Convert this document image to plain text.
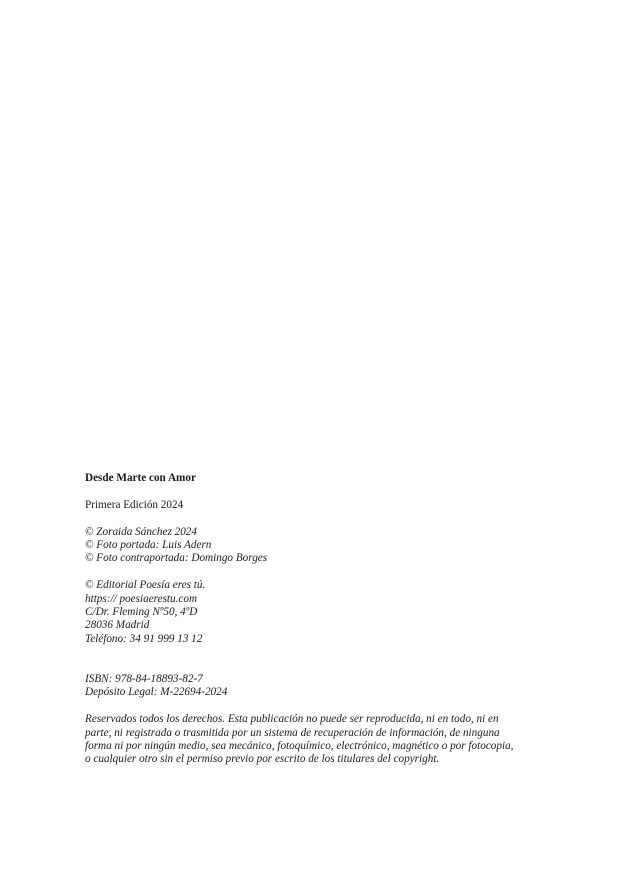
Desde Marte con Amor

Primera Edición 2024

© Zoraida Sánchez 2024
© Foto portada: Luis Adern
© Foto contraportada: Domingo Borges
© Editorial Poesía eres tú.
https:// poesiaerestu.com
C/Dr. Fleming Nº50, 4ºD
28036 Madrid
Teléfono: 34 91 999 13 12
ISBN: 978-84-18893-82-7
Depósito Legal: M-22694-2024
Reservados todos los derechos. Esta publicación no puede ser reproducida, ni en todo, ni en
parte, ni registrada o trasmitida por un sistema de recuperación de información, de ninguna
forma ni por ningún medio, sea mecánico, fotoquímico, electrónico, magnético o por fotocopia,
o cualquier otro sin el permiso previo por escrito de los titulares del copyright.
